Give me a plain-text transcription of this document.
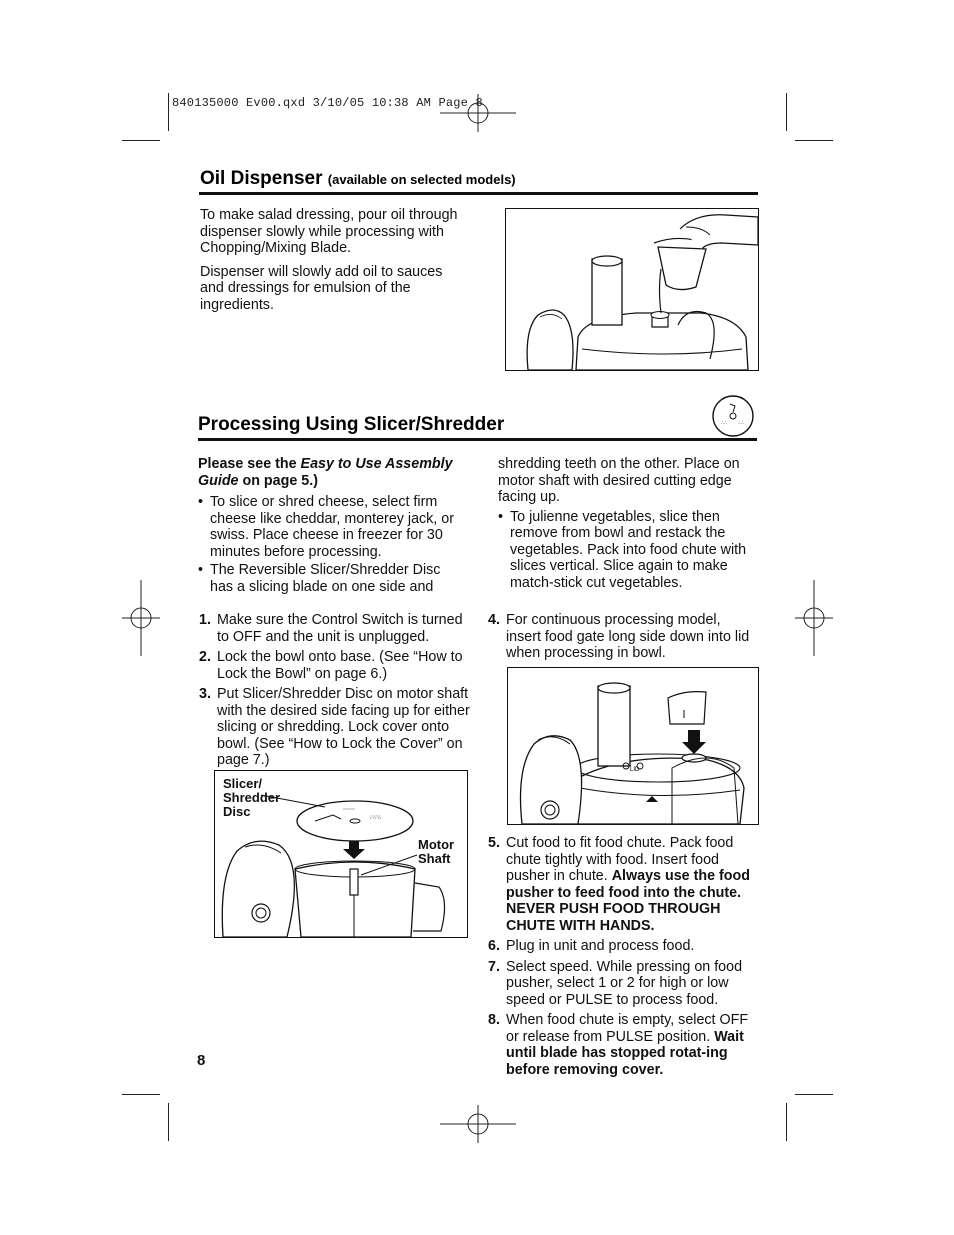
840135000 Ev00.qxd 3/10/05 10:38 AM Page 8
Oil Dispenser (available on selected models)

To make salad dressing, pour oil through dispenser slowly while processing with Chopping/Mixing Blade.

Dispenser will slowly add oil to sauces and dressings for emulsion of the ingredients.

Processing Using Slicer/Shredder	∴∴ ∴∴

Please see the Easy to Use Assembly Guide on page 5.)

• To slice or shred cheese, select firm cheese like cheddar, monterey jack, or swiss. Place cheese in freezer for 30 minutes before processing.
• The Reversible Slicer/Shredder Disc has a slicing blade on one side and

shredding teeth on the other. Place on motor shaft with desired cutting edge facing up.

• To julienne vegetables, slice then remove from bowl and restack the vegetables. Pack into food chute with slices vertical. Slice again to make match-stick cut vegetables.
1. Make sure the Control Switch is turned to OFF and the unit is unplugged.
2. Lock the bowl onto base. (See “How to Lock the Bowl” on page 6.)
3. Put Slicer/Shredder Disc on motor shaft with the desired side facing up for either slicing or shredding. Lock cover onto bowl. (See “How to Lock the Cover” on page 7.)
Slicer/
Shredder
Disc
Motor
Shaft
∴∵∴
⋯⋯
4. For continuous processing model, insert food gate long side down into lid when processing in bowl.
LID
5. Cut food to fit food chute. Pack food chute tightly with food. Insert food pusher in chute. Always use the food pusher to feed food into the chute. NEVER PUSH FOOD THROUGH CHUTE WITH HANDS.
6. Plug in unit and process food.
7. Select speed. While pressing on food pusher, select 1 or 2 for high or low speed or PULSE to process food.
8. When food chute is empty, select OFF or release from PULSE position. Wait until blade has stopped rotat-ing before removing cover.
8
